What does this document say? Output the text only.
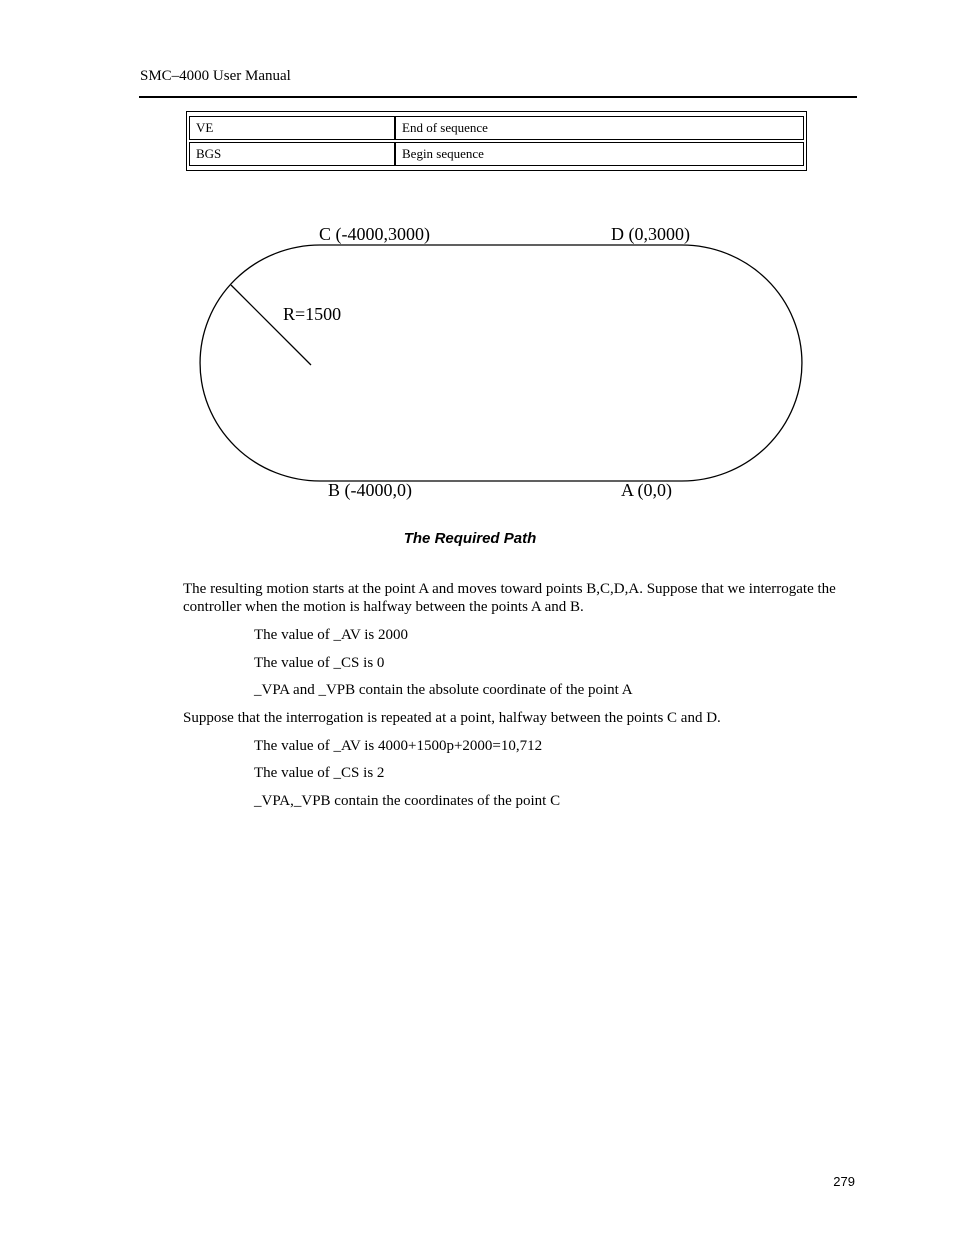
SMC–4000 User Manual
VE	End of sequence
BGS	Begin sequence
C (-4000,3000)	D (0,3000)
R=1500
B (-4000,0)	A (0,0)
The Required Path
The resulting motion starts at the point A and moves toward points B,C,D,A. Suppose that we interrogate the controller when the motion is halfway between the points A and B.
The value of _AV is 2000
The value of _CS is 0
_VPA and _VPB contain the absolute coordinate of the point A
Suppose that the interrogation is repeated at a point, halfway between the points C and D.
The value of _AV is 4000+1500p+2000=10,712
The value of _CS is 2
_VPA,_VPB contain the coordinates of the point C
279
